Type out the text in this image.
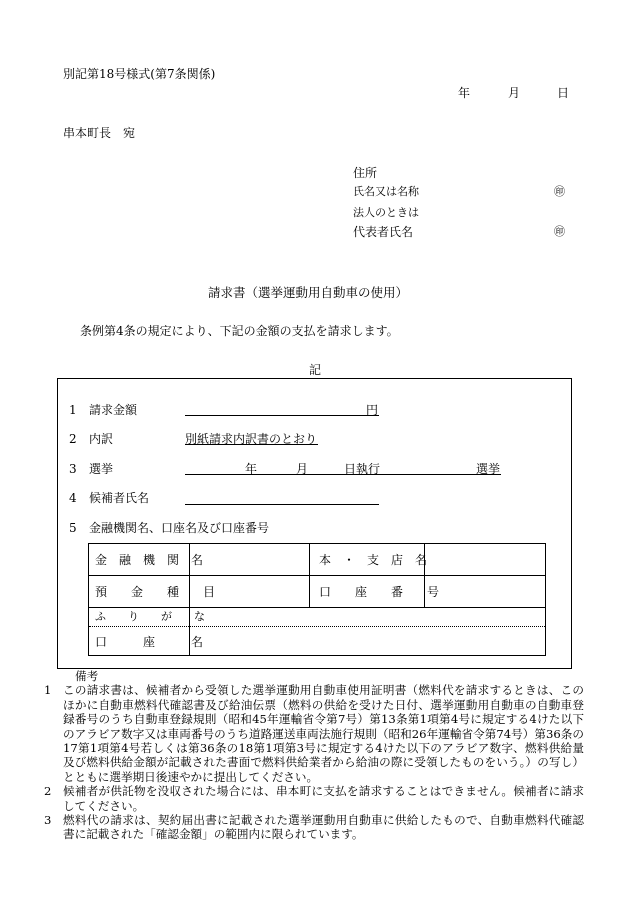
別記第18号様式(第7条関係)
年	月	日
串本町長　宛
住所
氏名又は名称	㊞
法人のときは
代表者氏名	㊞
請求書（選挙運動用自動車の使用）
条例第4条の規定により、下記の金額の支払を請求します。
記
1 請求金額	円
2 内訳	別紙請求内訳書のとおり
3 選挙	年	月	日執行	選挙
4 候補者氏名
5 金融機関名、口座名及び口座番号
金　融　機　関　名	本　・　支　店　名
預　　金　　種　　目	口　　座　　番　　号
ふ　　り　　が　　な
口　　　座　　　名
備考
1 この請求書は、候補者から受領した選挙運動用自動車使用証明書（燃料代を請求するときは、このほかに自動車燃料代確認書及び給油伝票（燃料の供給を受けた日付、選挙運動用自動車の自動車登録番号のうち自動車登録規則（昭和45年運輸省令第7号）第13条第1項第4号に規定する4けた以下のアラビア数字又は車両番号のうち道路運送車両法施行規則（昭和26年運輸省令第74号）第36条の17第1項第4号若しくは第36条の18第1項第3号に規定する4けた以下のアラビア数字、燃料供給量及び燃料供給金額が記載された書面で燃料供給業者から給油の際に受領したものをいう。）の写し）とともに選挙期日後速やかに提出してください。
2 候補者が供託物を没収された場合には、串本町に支払を請求することはできません。候補者に請求してください。
3 燃料代の請求は、契約届出書に記載された選挙運動用自動車に供給したもので、自動車燃料代確認書に記載された「確認金額」の範囲内に限られています。
